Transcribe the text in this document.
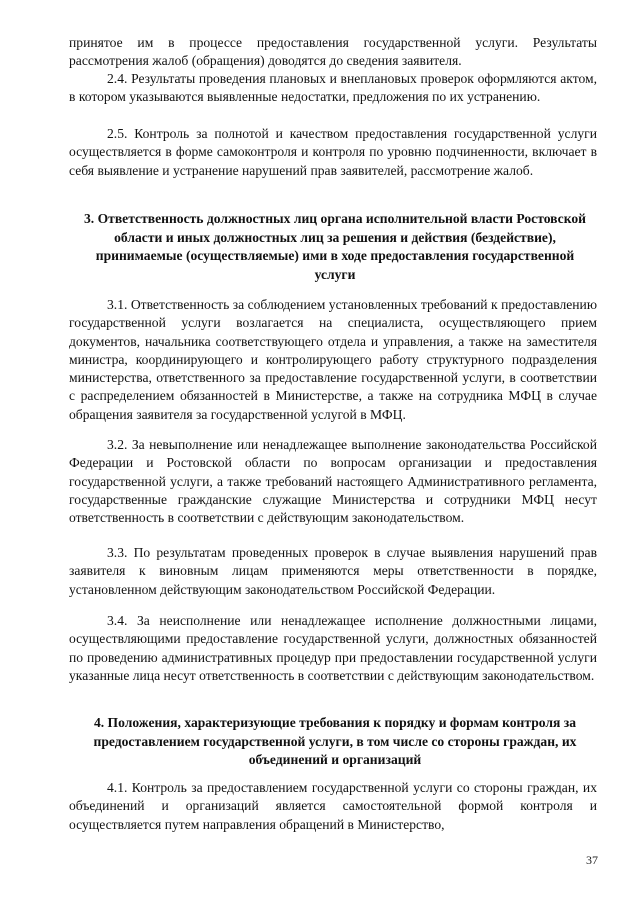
принятое им в процессе предоставления государственной услуги. Результаты рассмотрения жалоб (обращения) доводятся до сведения заявителя.

2.4. Результаты проведения плановых и внеплановых проверок оформляются актом, в котором указываются выявленные недостатки, предложения по их устранению.

2.5. Контроль за полнотой и качеством предоставления государственной услуги осуществляется в форме самоконтроля и контроля по уровню подчиненности, включает в себя выявление и устранение нарушений прав заявителей, рассмотрение жалоб.

3. Ответственность должностных лиц органа исполнительной власти Ростовской области и иных должностных лиц за решения и действия (бездействие), принимаемые (осуществляемые) ими в ходе предоставления государственной услуги

3.1. Ответственность за соблюдением установленных требований к предоставлению государственной услуги возлагается на специалиста, осуществляющего прием документов, начальника соответствующего отдела и управления, а также на заместителя министра, координирующего и контролирующего работу структурного подразделения министерства, ответственного за предоставление государственной услуги, в соответствии с распределением обязанностей в Министерстве, а также на сотрудника МФЦ в случае обращения заявителя за государственной услугой в МФЦ.

3.2. За невыполнение или ненадлежащее выполнение законодательства Российской Федерации и Ростовской области по вопросам организации и предоставления государственной услуги, а также требований настоящего Административного регламента, государственные гражданские служащие Министерства и сотрудники МФЦ несут ответственность в соответствии с действующим законодательством.

3.3. По результатам проведенных проверок в случае выявления нарушений прав заявителя к виновным лицам применяются меры ответственности в порядке, установленном действующим законодательством Российской Федерации.

3.4. За неисполнение или ненадлежащее исполнение должностными лицами, осуществляющими предоставление государственной услуги, должностных обязанностей по проведению административных процедур при предоставлении государственной услуги указанные лица несут ответственность в соответствии с действующим законодательством.

4. Положения, характеризующие требования к порядку и формам контроля за предоставлением государственной услуги, в том числе со стороны граждан, их объединений и организаций

4.1. Контроль за предоставлением государственной услуги со стороны граждан, их объединений и организаций является самостоятельной формой контроля и осуществляется путем направления обращений в Министерство,

37
